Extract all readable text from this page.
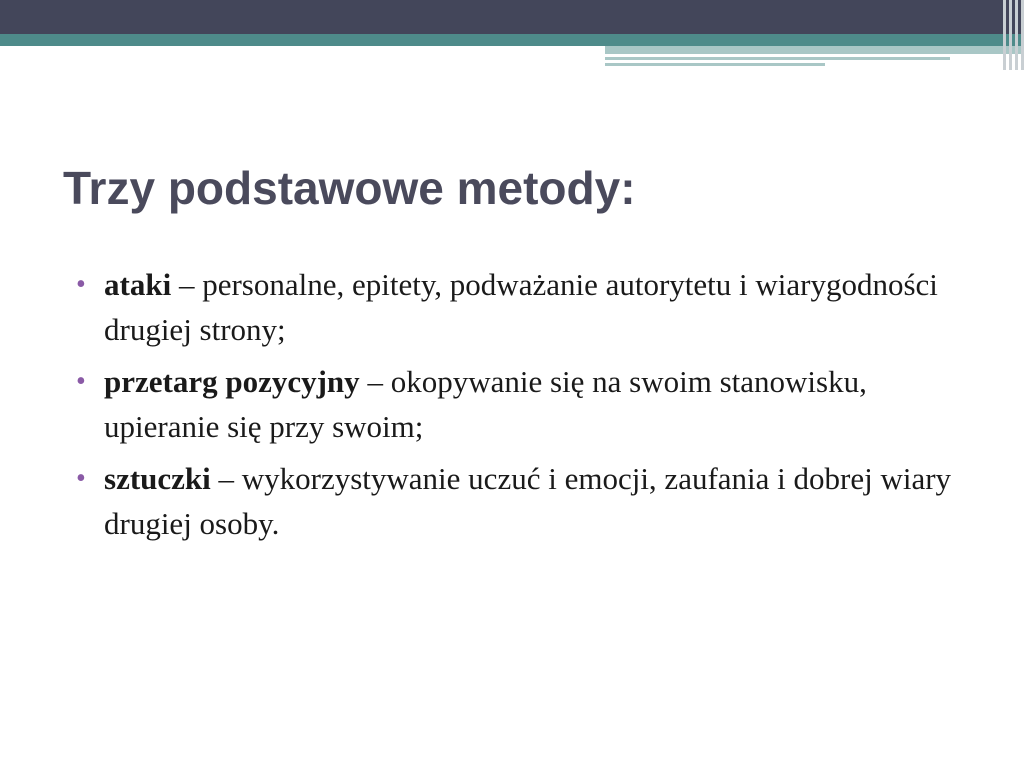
Trzy podstawowe metody:
• ataki – personalne, epitety, podważanie autorytetu i wiarygodności drugiej strony;
• przetarg pozycyjny – okopywanie się na swoim stanowisku, upieranie się przy swoim;
• sztuczki – wykorzystywanie uczuć i emocji, zaufania i dobrej wiary drugiej osoby.
